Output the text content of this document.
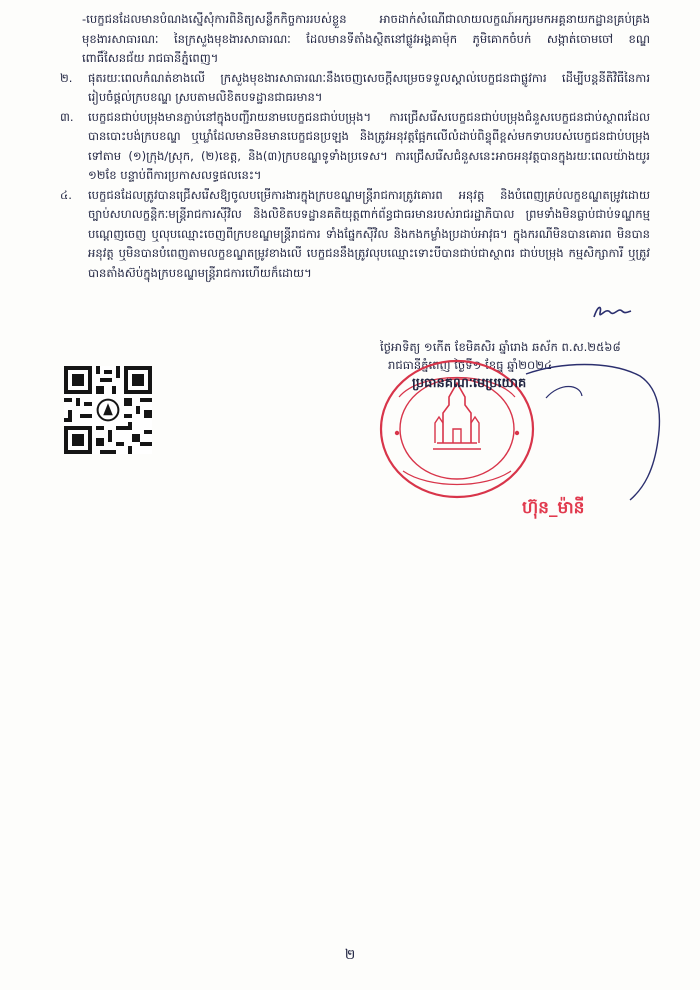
-បេក្ខជនដែលមានបំណងស្នើសុំការពិនិត្យសន្លឹកកិច្ចការរបស់ខ្លួន អាចដាក់សំណើជាលាយលក្ខណ៍អក្សរមកអគ្គនាយកដ្ឋានគ្រប់គ្រងមុខងារសាធារណៈ នៃក្រសួងមុខងារសាធារណៈ ដែលមានទីតាំងស្ថិតនៅផ្លូវអង្គគាម៉ុក ភូមិគោកចំបក់ សង្កាត់ចោមចៅ ខណ្ឌពោធិ៍សែនជ័យ រាជធានីភ្នំពេញ។

២.	ផុតរយៈពេលកំណត់ខាងលើ ក្រសួងមុខងារសាធារណៈនឹងចេញសេចក្តីសម្រេចទទួលស្គាល់បេក្ខជនជាផ្លូវការ ដើម្បីបន្តនីតិវិធីនៃការរៀបចំផ្តល់ក្របខណ្ឌ ស្របតាមលិខិតបទដ្ឋានជាធរមាន។
៣.	បេក្ខជនជាប់បម្រុងមានភ្ជាប់នៅក្នុងបញ្ជីរាយនាមបេក្ខជនជាប់បម្រុង។ ការជ្រើសរើសបេក្ខជនជាប់បម្រុងជំនួសបេក្ខជនជាប់ស្ថាពរដែលបានបោះបង់ក្របខណ្ឌ ឬឃ្លាំដែលមានមិនមានបេក្ខជនប្រឡង និងត្រូវអនុវត្តផ្អែកលើលំដាប់ពិន្ទុពីខ្ពស់មកទាបរបស់បេក្ខជនជាប់បម្រុងទៅតាម (១)ក្រុង/ស្រុក, (២)ខេត្ត, និង(៣)ក្របខណ្ឌទូទាំងប្រទេស។ ការជ្រើសរើសជំនួសនេះអាចអនុវត្តបានក្នុងរយៈពេលយ៉ាងយូរ ១២ខែ បន្ទាប់ពីការប្រកាសលទ្ធផលនេះ។
៤.	បេក្ខជនដែលត្រូវបានជ្រើសរើសឱ្យចូលបម្រើការងារក្នុងក្របខណ្ឌមន្ត្រីរាជការត្រូវគោរព អនុវត្ត និងបំពេញគ្រប់លក្ខខណ្ឌតម្រូវដោយច្បាប់សហលក្ខន្តិកៈមន្ត្រីរាជការស៊ីវិល និងលិខិតបទដ្ឋានគតិយុត្តពាក់ព័ន្ធជាធរមានរបស់រាជរដ្ឋាភិបាល ព្រមទាំងមិនធ្លាប់ជាប់ទណ្ឌកម្ម បណ្តេញចេញ ឬលុបឈ្មោះចេញពីក្របខណ្ឌមន្ត្រីរាជការ ទាំងផ្នែកស៊ីវិល និងកងកម្លាំងប្រដាប់អាវុធ។ ក្នុងករណីមិនបានគោរព មិនបានអនុវត្ត ឬមិនបានបំពេញតាមលក្ខខណ្ឌតម្រូវខាងលើ បេក្ខជននឹងត្រូវលុបឈ្មោះទោះបីបានជាប់ជាស្ថាពរ ជាប់បម្រុង កម្មសិក្សាការី ឬត្រូវបានតាំងស៊ប់ក្នុងក្របខណ្ឌមន្ត្រីរាជការហើយក៏ដោយ។
ថ្ងៃអាទិត្យ ១កើត ខែមិគសិរ ឆ្នាំរោង ឆស័ក ព.ស.២៥៦៨
រាជធានីភ្នំពេញ ថ្ងៃទី១ ខែធ្នូ ឆ្នាំ២០២៤
ប្រធានគណៈមេប្រយោគ
ហ៊ុន_ម៉ានី
២
